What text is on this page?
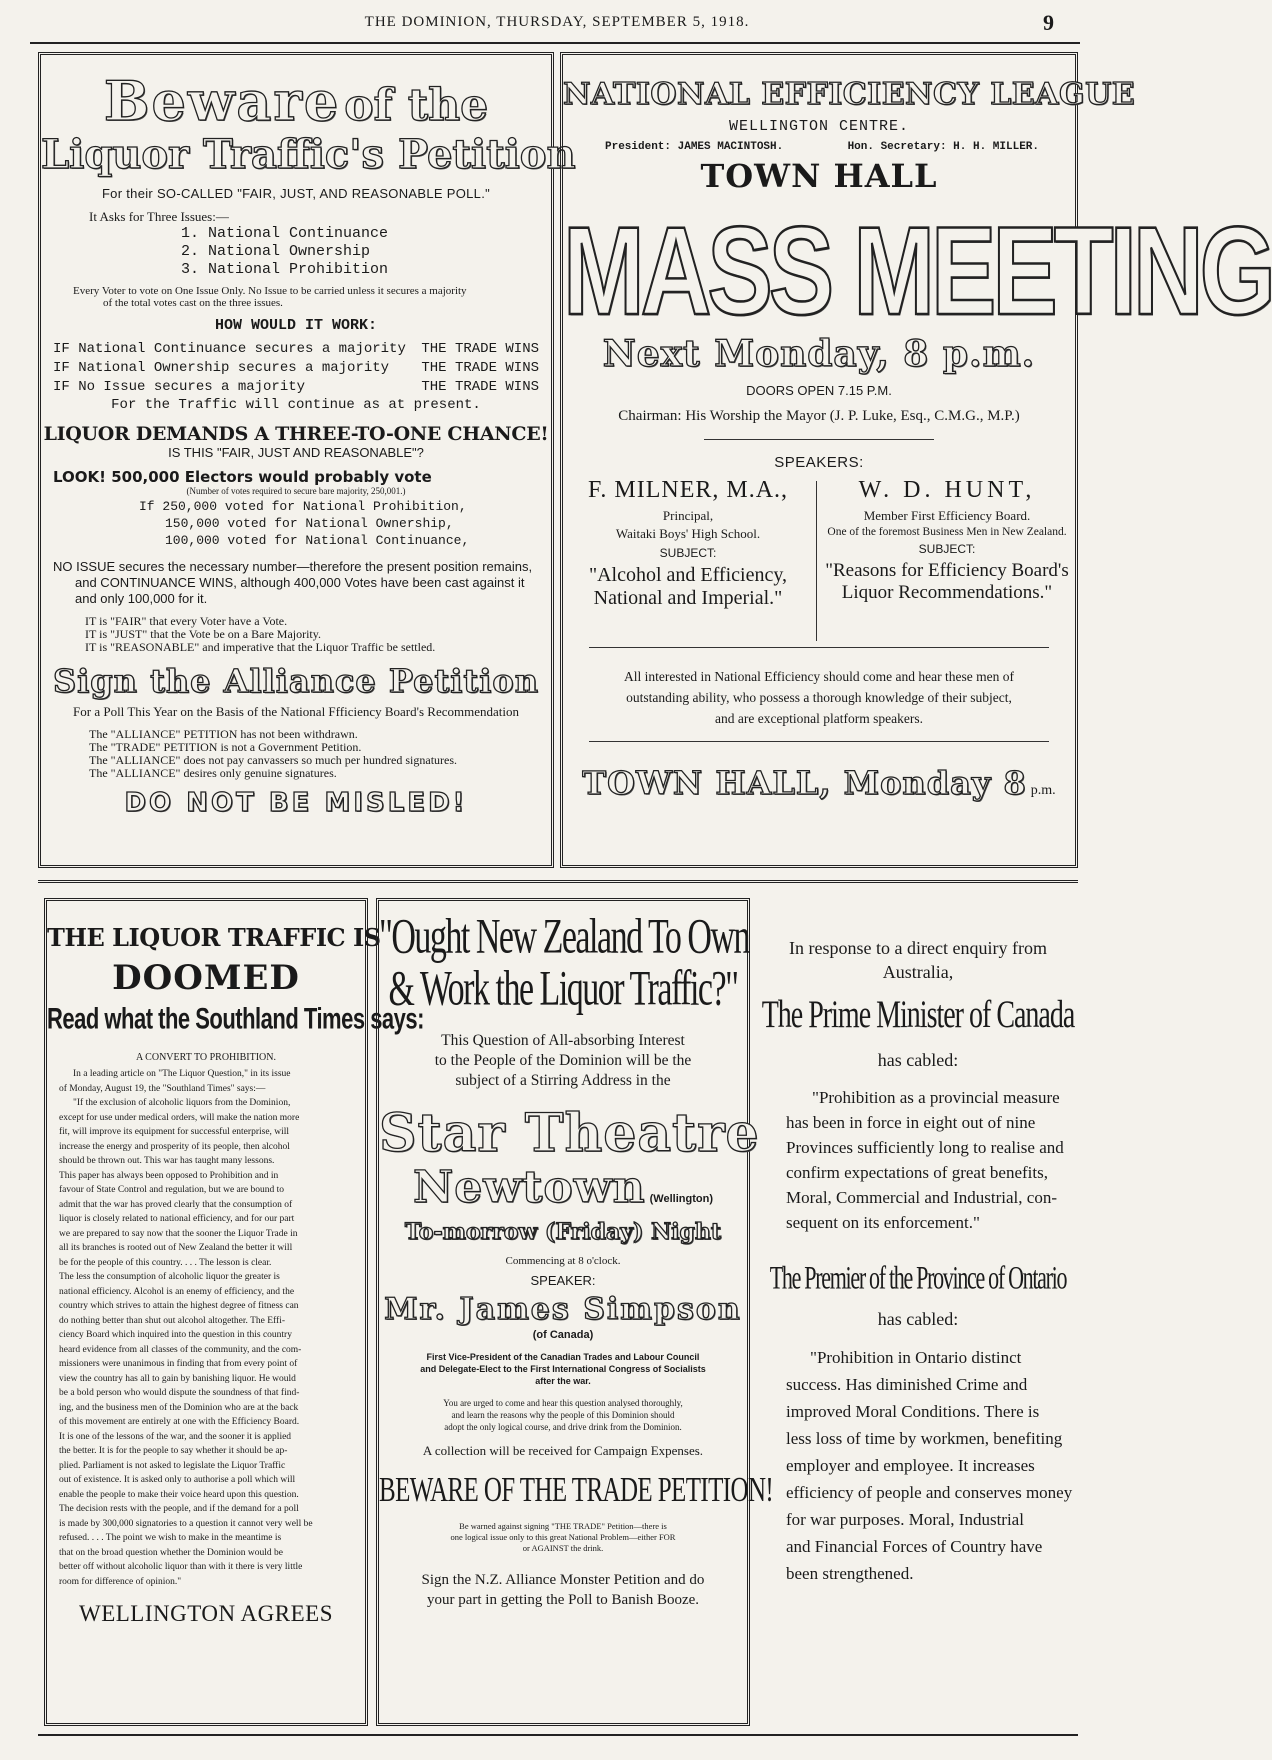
THE DOMINION, THURSDAY, SEPTEMBER 5, 1918.	9
Beware of the
Liquor Traffic's Petition
For their SO-CALLED "FAIR, JUST, AND REASONABLE POLL."
It Asks for Three Issues:—
1. National Continuance
2. National Ownership
3. National Prohibition
Every Voter to vote on One Issue Only. No Issue to be carried unless it secures a majority
of the total votes cast on the three issues.
HOW WOULD IT WORK:
IF National Continuance secures a majority THE TRADE WINS
IF National Ownership secures a majority THE TRADE WINS
IF No Issue secures a majority	THE TRADE WINS
For the Traffic will continue as at present.
LIQUOR DEMANDS A THREE-TO-ONE CHANCE!
IS THIS "FAIR, JUST AND REASONABLE"?
LOOK! 500,000 Electors would probably vote
(Number of votes required to secure bare majority, 250,001.)
If 250,000 voted for National Prohibition,
150,000 voted for National Ownership,
100,000 voted for National Continuance,
NO ISSUE secures the necessary number—therefore the present position remains,
and CONTINUANCE WINS, although 400,000 Votes have been cast against it
and only 100,000 for it.
IT is "FAIR" that every Voter have a Vote.
IT is "JUST" that the Vote be on a Bare Majority.
IT is "REASONABLE" and imperative that the Liquor Traffic be settled.
Sign the Alliance Petition
For a Poll This Year on the Basis of the National Ffficiency Board's Recommendation
The "ALLIANCE" PETITION has not been withdrawn.
The "TRADE" PETITION is not a Government Petition.
The "ALLIANCE" does not pay canvassers so much per hundred signatures.
The "ALLIANCE" desires only genuine signatures.
DO NOT BE MISLED!
NATIONAL EFFICIENCY LEAGUE
WELLINGTON CENTRE.
President: JAMES MACINTOSH.	Hon. Secretary: H. H. MILLER.
TOWN HALL
MASS MEETING
Next Monday, 8 p.m.
DOORS OPEN 7.15 P.M.
Chairman: His Worship the Mayor (J. P. Luke, Esq., C.M.G., M.P.)
SPEAKERS:
F. MILNER, M.A.,
Principal,
Waitaki Boys' High School.
SUBJECT:
"Alcohol and Efficiency,
National and Imperial."
W. D. HUNT,
Member First Efficiency Board.
One of the foremost Business Men in New Zealand.
SUBJECT:
"Reasons for Efficiency Board's
Liquor Recommendations."
All interested in National Efficiency should come and hear these men of
outstanding ability, who possess a thorough knowledge of their subject,
and are exceptional platform speakers.
TOWN HALL, Monday 8 p.m.
THE LIQUOR TRAFFIC IS
DOOMED
Read what the Southland Times says:
A CONVERT TO PROHIBITION.
In a leading article on "The Liquor Question," in its issue
of Monday, August 19, the "Southland Times" says:—
"If the exclusion of alcoholic liquors from the Dominion,
except for use under medical orders, will make the nation more
fit, will improve its equipment for successful enterprise, will
increase the energy and prosperity of its people, then alcohol
should be thrown out. This war has taught many lessons.
This paper has always been opposed to Prohibition and in
favour of State Control and regulation, but we are bound to
admit that the war has proved clearly that the consumption of
liquor is closely related to national efficiency, and for our part
we are prepared to say now that the sooner the Liquor Trade in
all its branches is rooted out of New Zealand the better it will
be for the people of this country. . . . The lesson is clear.
The less the consumption of alcoholic liquor the greater is
national efficiency. Alcohol is an enemy of efficiency, and the
country which strives to attain the highest degree of fitness can
do nothing better than shut out alcohol altogether. The Effi-
ciency Board which inquired into the question in this country
heard evidence from all classes of the community, and the com-
missioners were unanimous in finding that from every point of
view the country has all to gain by banishing liquor. He would
be a bold person who would dispute the soundness of that find-
ing, and the business men of the Dominion who are at the back
of this movement are entirely at one with the Efficiency Board.
It is one of the lessons of the war, and the sooner it is applied
the better. It is for the people to say whether it should be ap-
plied. Parliament is not asked to legislate the Liquor Traffic
out of existence. It is asked only to authorise a poll which will
enable the people to make their voice heard upon this question.
The decision rests with the people, and if the demand for a poll
is made by 300,000 signatories to a question it cannot very well be
refused. . . . The point we wish to make in the meantime is
that on the broad question whether the Dominion would be
better off without alcoholic liquor than with it there is very little
room for difference of opinion."
WELLINGTON AGREES
"Ought New Zealand To Own
& Work the Liquor Traffic?"
This Question of All-absorbing Interest
to the People of the Dominion will be the
subject of a Stirring Address in the
Star Theatre
Newtown (Wellington)
To-morrow (Friday) Night
Commencing at 8 o'clock.
SPEAKER:
Mr. James Simpson
(of Canada)
First Vice-President of the Canadian Trades and Labour Council
and Delegate-Elect to the First International Congress of Socialists
after the war.
You are urged to come and hear this question analysed thoroughly,
and learn the reasons why the people of this Dominion should
adopt the only logical course, and drive drink from the Dominion.
A collection will be received for Campaign Expenses.
BEWARE OF THE TRADE PETITION!
Be warned against signing "THE TRADE" Petition—there is
one logical issue only to this great National Problem—either FOR
or AGAINST the drink.
Sign the N.Z. Alliance Monster Petition and do
your part in getting the Poll to Banish Booze.
In response to a direct enquiry from
Australia,
The Prime Minister of Canada
has cabled:
"Prohibition as a provincial measure
has been in force in eight out of nine
Provinces sufficiently long to realise and
confirm expectations of great benefits,
Moral, Commercial and Industrial, con-
sequent on its enforcement."
The Premier of the Province of Ontario
has cabled:
"Prohibition in Ontario distinct
success. Has diminished Crime and
improved Moral Conditions. There is
less loss of time by workmen, benefiting
employer and employee. It increases
efficiency of people and conserves money
for war purposes. Moral, Industrial
and Financial Forces of Country have
been strengthened.
